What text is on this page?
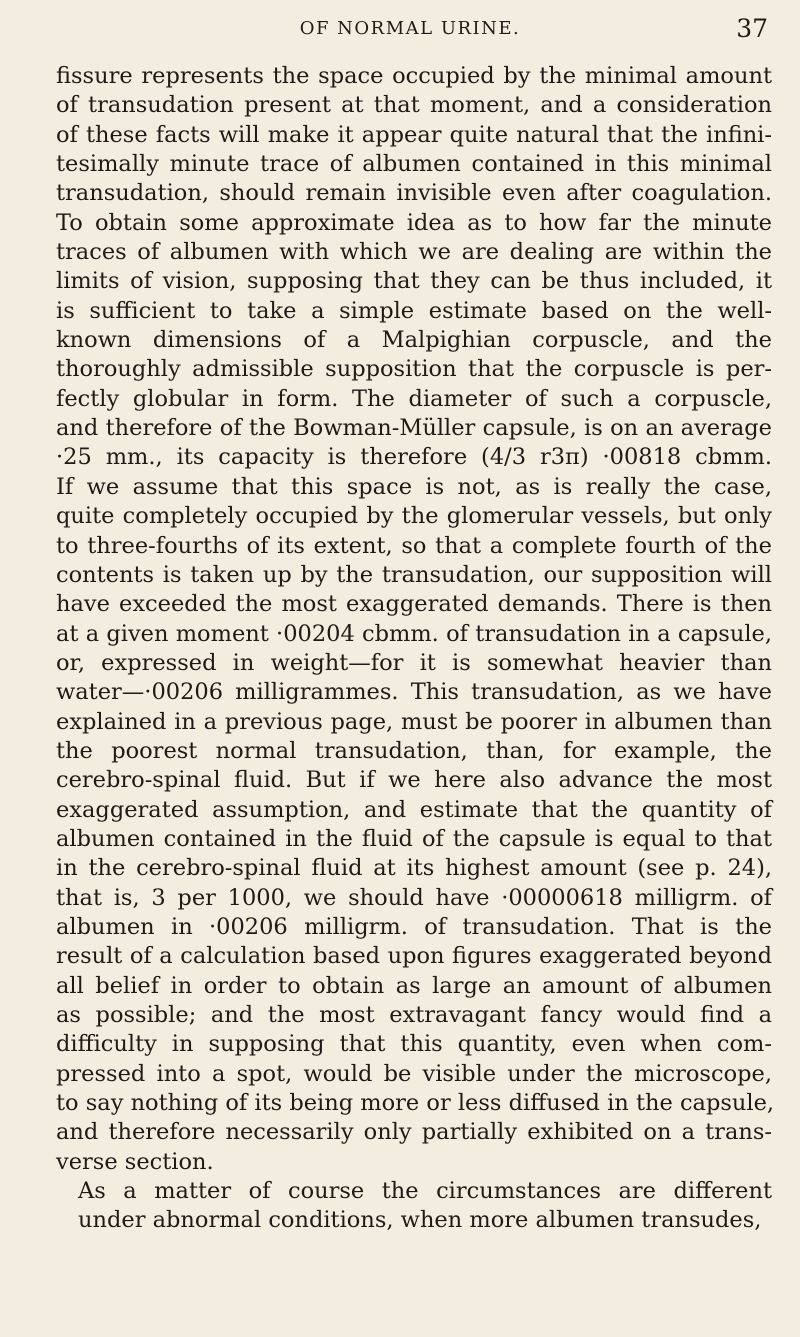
OF NORMAL URINE.	37

fissure represents the space occupied by the minimal amount
of transudation present at that moment, and a consideration
of these facts will make it appear quite natural that the infini-
tesimally minute trace of albumen contained in this minimal
transudation, should remain invisible even after coagulation.
To obtain some approximate idea as to how far the minute
traces of albumen with which we are dealing are within the
limits of vision, supposing that they can be thus included, it
is sufficient to take a simple estimate based on the well-
known dimensions of a Malpighian corpuscle, and the
thoroughly admissible supposition that the corpuscle is per-
fectly globular in form. The diameter of such a corpuscle,
and therefore of the Bowman-Müller capsule, is on an average
·25 mm., its capacity is therefore (4/3 r3π) ·00818 cbmm.
If we assume that this space is not, as is really the case,
quite completely occupied by the glomerular vessels, but only
to three-fourths of its extent, so that a complete fourth of the
contents is taken up by the transudation, our supposition will
have exceeded the most exaggerated demands. There is then
at a given moment ·00204 cbmm. of transudation in a capsule,
or, expressed in weight—for it is somewhat heavier than
water—·00206 milligrammes. This transudation, as we have
explained in a previous page, must be poorer in albumen than
the poorest normal transudation, than, for example, the
cerebro-spinal fluid. But if we here also advance the most
exaggerated assumption, and estimate that the quantity of
albumen contained in the fluid of the capsule is equal to that
in the cerebro-spinal fluid at its highest amount (see p. 24),
that is, 3 per 1000, we should have ·00000618 milligrm. of
albumen in ·00206 milligrm. of transudation. That is the
result of a calculation based upon figures exaggerated beyond
all belief in order to obtain as large an amount of albumen
as possible; and the most extravagant fancy would find a
difficulty in supposing that this quantity, even when com-
pressed into a spot, would be visible under the microscope,
to say nothing of its being more or less diffused in the capsule,
and therefore necessarily only partially exhibited on a trans-
verse section.

As a matter of course the circumstances are different
under abnormal conditions, when more albumen transudes,
